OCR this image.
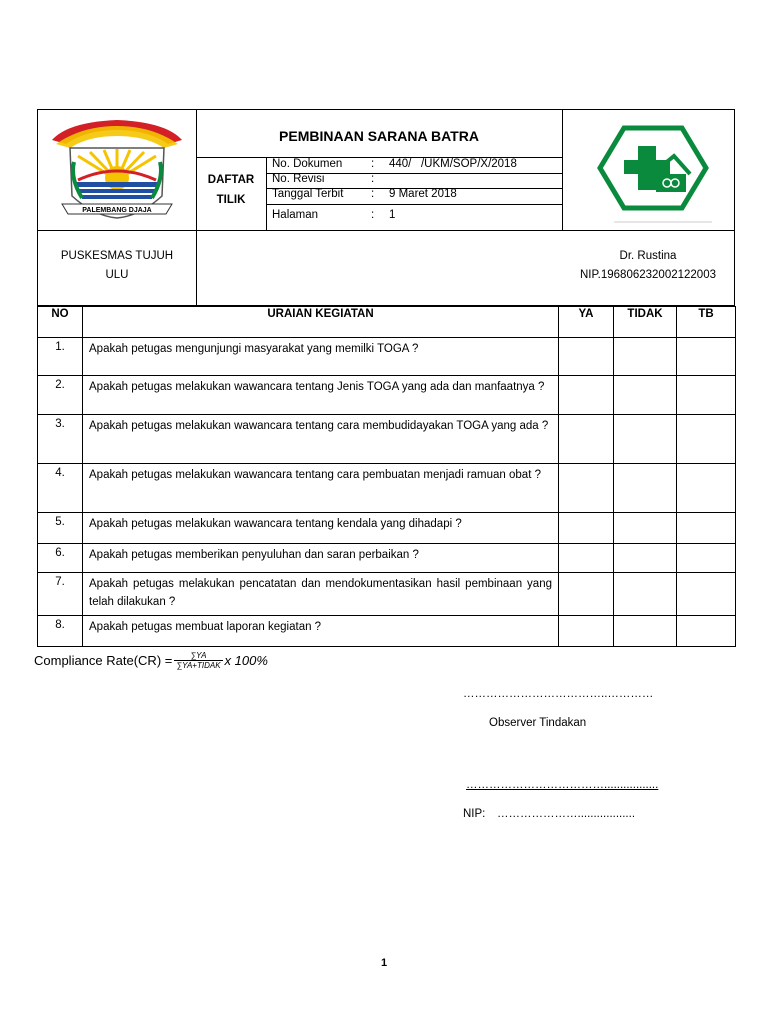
PALEMBANG DJAJA
PEMBINAAN SARANA BATRA
DAFTAR
TILIK
No. Dokumen : 440/   /UKM/SOP/X/2018
No. Revisi	:
Tanggal Terbit : 9 Maret 2018
Halaman	: 1
PUSKESMAS TUJUH
ULU
Dr. Rustina
NIP.196806232002122003
NO	URAIAN KEGIATAN	YA	TIDAK	TB
1.	Apakah petugas mengunjungi masyarakat yang memilki TOGA ?			
2.	Apakah petugas melakukan wawancara tentang Jenis TOGA yang ada dan manfaatnya ?			
3.	Apakah petugas melakukan wawancara tentang cara membudidayakan TOGA yang ada ?			
4.	Apakah petugas melakukan wawancara tentang cara pembuatan menjadi ramuan obat ?			
5.	Apakah petugas melakukan wawancara tentang kendala yang dihadapi ?			
6.	Apakah petugas memberikan penyuluhan dan saran perbaikan ?			
7.	Apakah petugas melakukan pencatatan dan mendokumentasikan hasil pembinaan yang telah dilakukan ?			
8.	Apakah petugas membuat laporan kegiatan ?			
Compliance Rate(CR) = $\frac{\sum YA}{\text{∑YA+TIDAK}}$ x 100%
………………………………..…………
Observer Tindakan
……………………………….................
NIP: …………………..................
1
